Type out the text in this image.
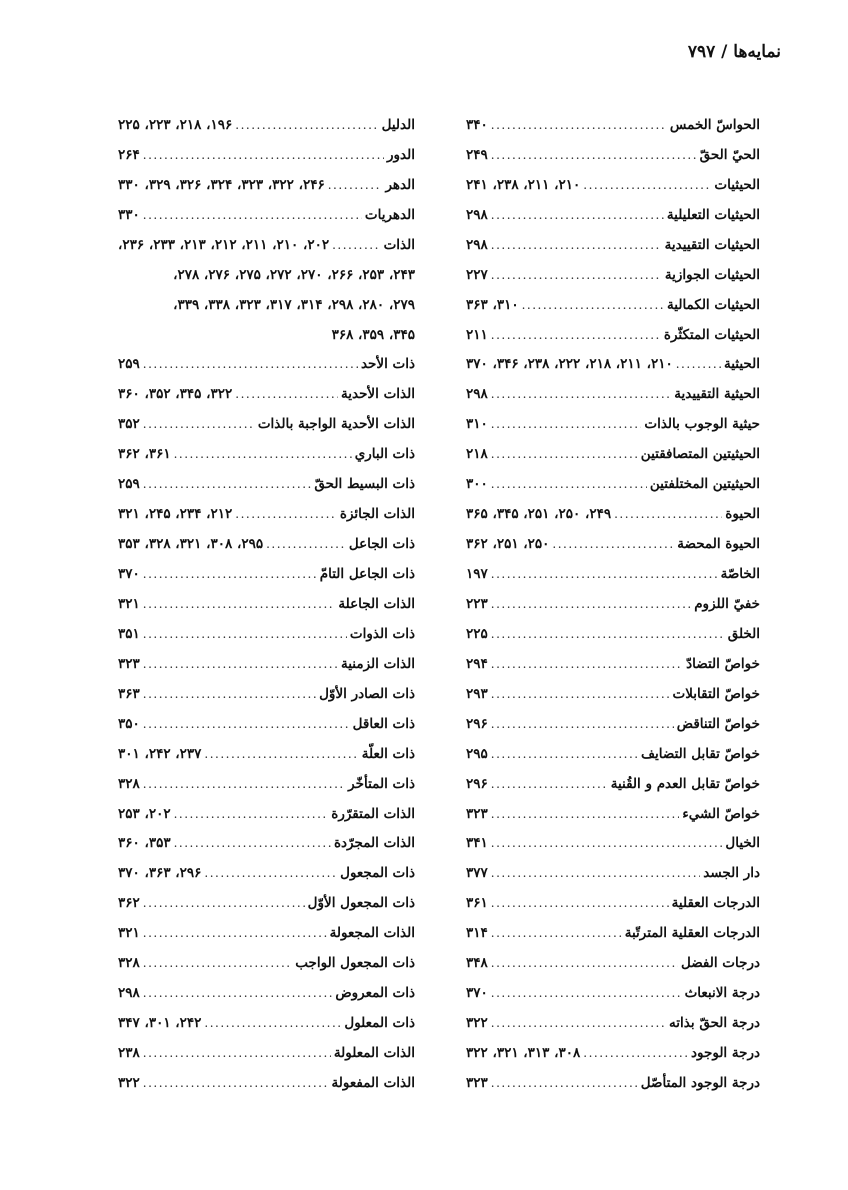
نمایه‌ها / ۷۹۷
الحواسّ الخمس
.....
۳۴۰
الحيّ الحقّ
.....
۲۴۹
الحيثيات
.....
۲۱۰، ۲۱۱، ۲۳۸، ۲۴۱
الحيثيات التعليلية
.....
۲۹۸
الحيثيات التقييدية
.....
۲۹۸
الحيثيات الجوازية
.....
۲۲۷
الحيثيات الكمالية
.....
۳۱۰، ۳۶۳
الحيثيات المتكثّرة
.....
۲۱۱
الحيثية
.....
۲۱۰، ۲۱۱، ۲۱۸، ۲۲۲، ۲۳۸، ۳۴۶، ۳۷۰
الحيثية التقييدية
.....
۲۹۸
حيثية الوجوب بالذات
.....
۳۱۰
الحيثيتين المتصافقتين
.....
۲۱۸
الحيثيتين المختلفتين
.....
۳۰۰
الحيوة
.....
۲۴۹، ۲۵۰، ۲۵۱، ۳۴۵، ۳۶۵
الحيوة المحضة
.....
۲۵۰، ۲۵۱، ۳۶۲
الخاصّة
.....
۱۹۷
خفيّ اللزوم
.....
۲۲۳
الخلق
.....
۲۲۵
خواصّ التضادّ
.....
۲۹۴
خواصّ التقابلات
.....
۲۹۳
خواصّ التناقض
.....
۲۹۶
خواصّ تقابل التضايف
.....
۲۹۵
خواصّ تقابل العدم و القُنية
.....
۲۹۶
خواصّ الشيء
.....
۳۲۳
الخيال
.....
۳۴۱
دار الجسد
.....
۳۷۷
الدرجات العقلية
.....
۳۶۱
الدرجات العقلية المترتّبة
.....
۳۱۴
درجات الفضل
.....
۳۴۸
درجة الانبعاث
.....
۳۷۰
درجة الحقّ بذاته
.....
۳۲۲
درجة الوجود
.....
۳۰۸، ۳۱۳، ۳۲۱، ۳۲۲
درجة الوجود المتأصّل
.....
۳۲۳
الدليل
.....
۱۹۶، ۲۱۸، ۲۲۳، ۲۲۵
الدور
.....
۲۶۴
الدهر
.....
۲۴۶، ۳۲۲، ۳۲۳، ۳۲۴، ۳۲۶، ۳۲۹، ۳۳۰
الدهريات
.....
۳۳۰
الذات
.....
۲۰۲، ۲۱۰، ۲۱۱، ۲۱۲، ۲۱۳، ۲۳۳، ۲۳۶،
۲۴۳، ۲۵۳، ۲۶۶، ۲۷۰، ۲۷۲، ۲۷۵، ۲۷۶، ۲۷۸،
۲۷۹، ۲۸۰، ۲۹۸، ۳۱۴، ۳۱۷، ۳۲۳، ۳۳۸، ۳۳۹،
۳۴۵، ۳۵۹، ۳۶۸
ذات الأحد
.....
۲۵۹
الذات الأحدية
.....
۳۲۲، ۳۴۵، ۳۵۲، ۳۶۰
الذات الأحدية الواجبة بالذات
.....
۳۵۲
ذات الباري
.....
۳۶۱، ۳۶۲
ذات البسيط الحقّ
.....
۲۵۹
الذات الجائزة
.....
۲۱۲، ۲۳۴، ۲۴۵، ۳۲۱
ذات الجاعل
.....
۲۹۵، ۳۰۸، ۳۲۱، ۳۲۸، ۳۵۳
ذات الجاعل التامّ
.....
۳۷۰
الذات الجاعلة
.....
۳۲۱
ذات الذوات
.....
۳۵۱
الذات الزمنية
.....
۳۲۳
ذات الصادر الأوّل
.....
۳۶۳
ذات العاقل
.....
۳۵۰
ذات العلّة
.....
۲۳۷، ۲۴۲، ۳۰۱
ذات المتأخّر
.....
۳۲۸
الذات المتقرّرة
.....
۲۰۲، ۲۵۳
الذات المجرّدة
.....
۳۵۳، ۳۶۰
ذات المجعول
.....
۲۹۶، ۳۶۳، ۳۷۰
ذات المجعول الأوّل
.....
۳۶۲
الذات المجعولة
.....
۳۲۱
ذات المجعول الواجب
.....
۳۲۸
ذات المعروض
.....
۲۹۸
ذات المعلول
.....
۲۴۲، ۳۰۱، ۳۴۷
الذات المعلولة
.....
۲۳۸
الذات المفعولة
.....
۳۲۲
